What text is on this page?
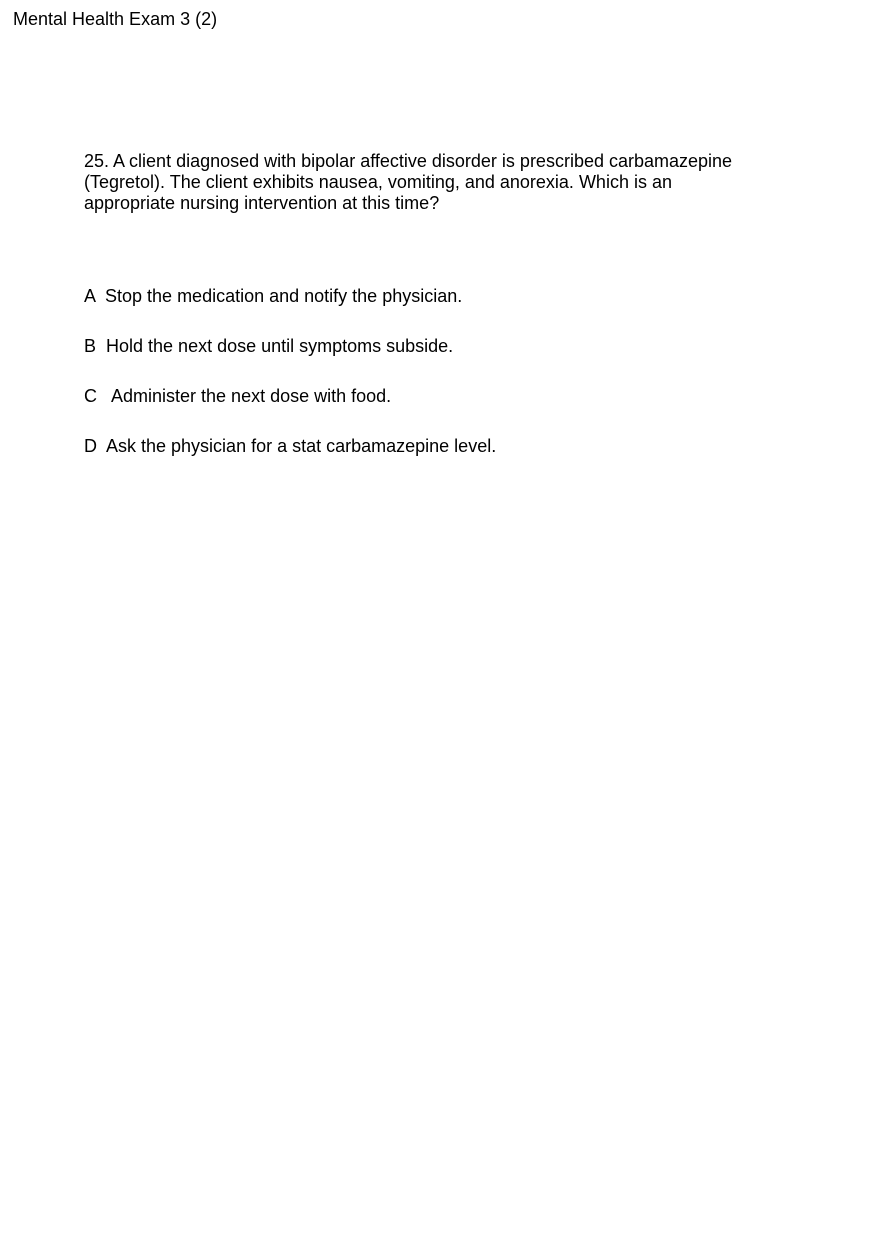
Mental Health Exam 3 (2)

25. A client diagnosed with bipolar affective disorder is prescribed carbamazepine (Tegretol). The client exhibits nausea, vomiting, and anorexia. Which is an appropriate nursing intervention at this time?

A  Stop the medication and notify the physician.
B  Hold the next dose until symptoms subside.
C   Administer the next dose with food.
D  Ask the physician for a stat carbamazepine level.
